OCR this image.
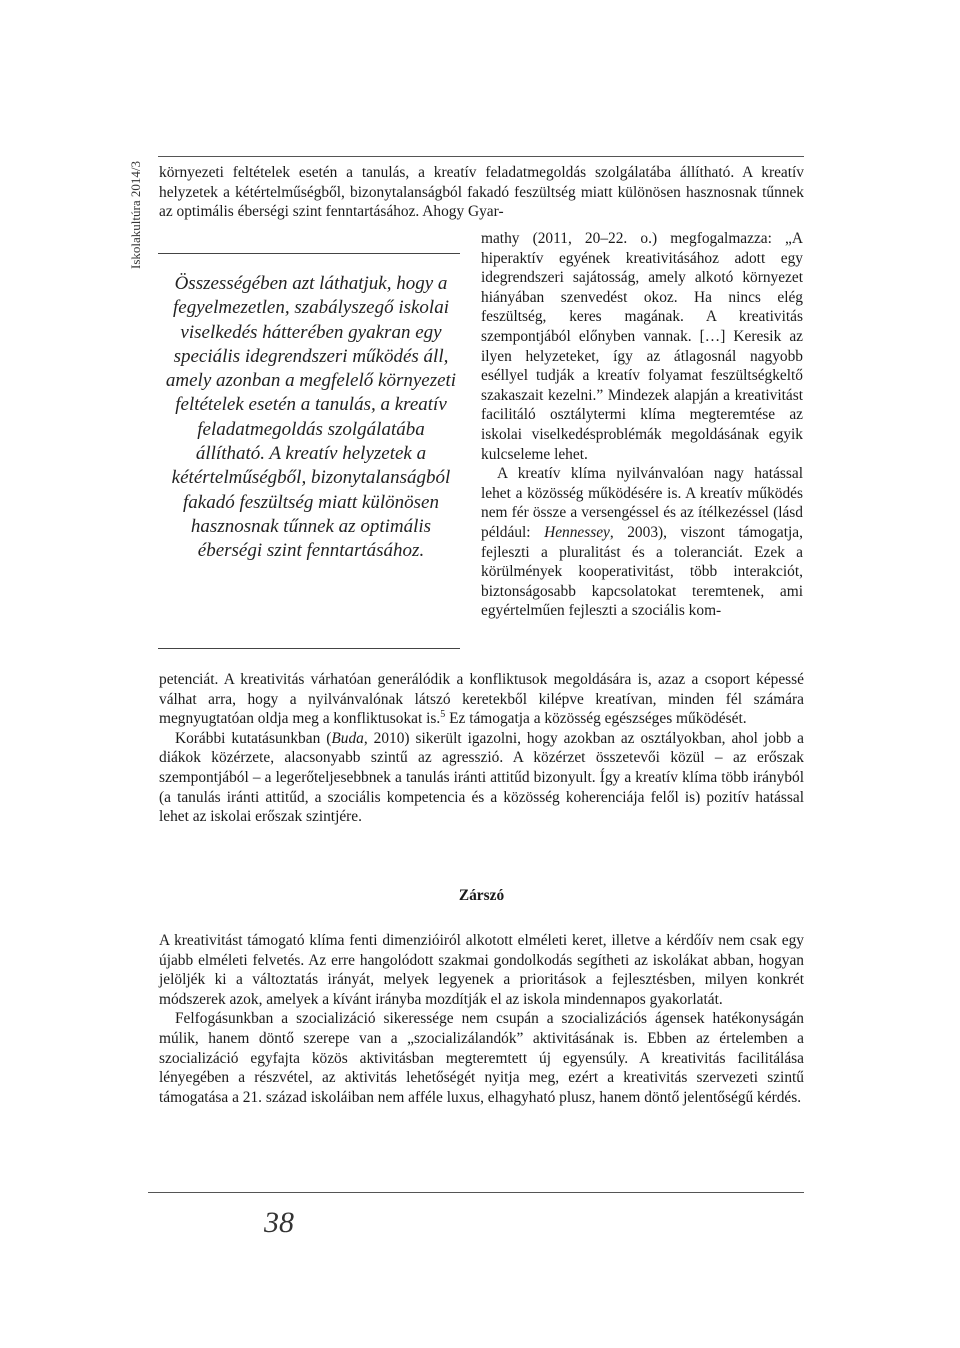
Iskolakultúra 2014/3 környezeti feltételek esetén a tanulás, a kreatív feladatmegoldás szolgálatába állítható. A kreatív helyzetek a kétértelműségből, bizonytalanságból fakadó feszültség miatt különösen hasznosnak tűnnek az optimális éberségi szint fenntartásához. Ahogy Gyar-

mathy (2011, 20–22. o.) megfogalmazza: „A hiperaktív egyének kreativitásához adott egy idegrendszeri sajátosság, amely alkotó környezet hiányában szenvedést okoz. Ha nincs elég feszültség, keres magának. A kreativitás szempontjából előnyben vannak. […] Keresik az ilyen helyzeteket, így az átlagosnál nagyobb eséllyel tudják a kreatív folyamat feszültségkeltő szakaszait kezelni.” Mindezek alapján a kreativitást facilitáló osztálytermi klíma megteremtése az iskolai viselkedésproblémák megoldásának egyik kulcseleme lehet.

A kreatív klíma nyilvánvalóan nagy hatással lehet a közösség működésére is. A kreatív működés nem fér össze a versengéssel és az ítélkezéssel (lásd például: Hennessey, 2003), viszont támogatja, fejleszti a pluralitást és a toleranciát. Ezek a körülmények kooperativitást, több interakciót, biztonságosabb kapcsolatokat teremtenek, ami egyértelműen fejleszti a szociális kom-

Összességében azt láthatjuk, hogy a fegyelmezetlen, szabályszegő iskolai viselkedés hátterében gyakran egy speciális idegrendszeri működés áll, amely azonban a megfelelő környezeti feltételek esetén a tanulás, a kreatív feladatmegoldás szolgálatába állítható. A kreatív helyzetek a kétértelműségből, bizonytalanságból fakadó feszültség miatt különösen hasznosnak tűnnek az optimális éberségi szint fenntartásához.

petenciát. A kreativitás várhatóan generálódik a konfliktusok megoldására is, azaz a csoport képessé válhat arra, hogy a nyilvánvalónak látszó keretekből kilépve kreatívan, minden fél számára megnyugtatóan oldja meg a konfliktusokat is.$^5$ Ez támogatja a közösség egészséges működését.

Korábbi kutatásunkban (Buda, 2010) sikerült igazolni, hogy azokban az osztályokban, ahol jobb a diákok közérzete, alacsonyabb szintű az agresszió. A közérzet összetevői közül – az erőszak szempontjából – a legerőteljesebbnek a tanulás iránti attitűd bizonyult. Így a kreatív klíma több irányból (a tanulás iránti attitűd, a szociális kompetencia és a közösség koherenciája felől is) pozitív hatással lehet az iskolai erőszak szintjére.

Zárszó

A kreativitást támogató klíma fenti dimenzióiról alkotott elméleti keret, illetve a kérdőív nem csak egy újabb elméleti felvetés. Az erre hangolódott szakmai gondolkodás segítheti az iskolákat abban, hogyan jelöljék ki a változtatás irányát, melyek legyenek a prioritások a fejlesztésben, milyen konkrét módszerek azok, amelyek a kívánt irányba mozdítják el az iskola mindennapos gyakorlatát.

Felfogásunkban a szocializáció sikeressége nem csupán a szocializációs ágensek hatékonyságán múlik, hanem döntő szerepe van a „szocializálandók” aktivitásának is. Ebben az értelemben a szocializáció egyfajta közös aktivitásban megteremtett új egyensúly. A kreativitás facilitálása lényegében a részvétel, az aktivitás lehetőségét nyitja meg, ezért a kreativitás szervezeti szintű támogatása a 21. század iskoláiban nem afféle luxus, elhagyható plusz, hanem döntő jelentőségű kérdés.

38
